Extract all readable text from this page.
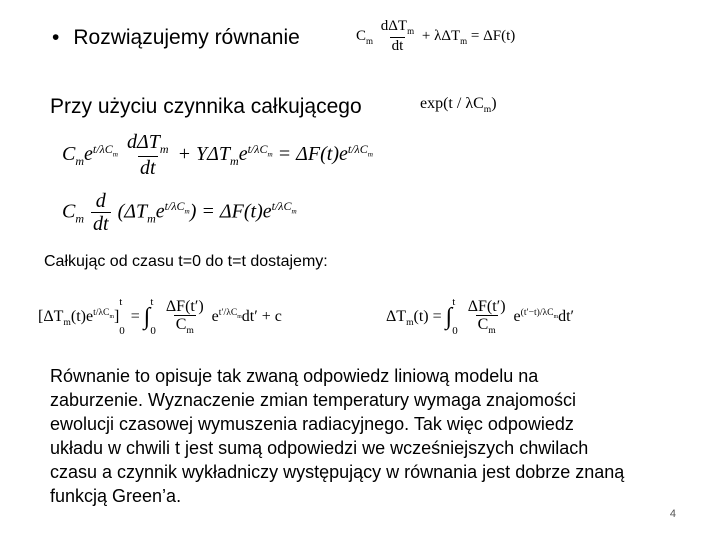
• Rozwiązujemy równanie	$C_m \frac{d\Delta T_m}{dt} + \lambda\Delta T_m = \Delta F(t)$
Przy użyciu czynnika całkującego	$\exp(t / \lambda C_m)$
$C_me^{t/\lambda C_m} \frac{d\Delta T_m}{dt} + Y\Delta T_me^{t/\lambda C_m} = \Delta F(t)e^{t/\lambda C_m}$
$C_m \frac{d}{dt} (\Delta T_me^{t/\lambda C_m}) = \Delta F(t)e^{t/\lambda C_m}$
Całkując od czasu t=0 do t=t dostajemy:
$[\Delta T_m(t)e^{t/\lambda C_m}]$
t
0
= ∫
t
0
$\frac{\Delta F(t')}{C_m} e^{t'/\lambda C_m}dt' + c$	$\Delta T_m(t)$ = ∫
t
0
$\frac{\Delta F(t')}{C_m} e^{(t'-t)/\lambda C_m}dt'$
Równanie to opisuje tak zwaną odpowiedz liniową modelu na
zaburzenie. Wyznaczenie zmian temperatury wymaga znajomości
ewolucji czasowej wymuszenia radiacyjnego. Tak więc odpowiedz
układu w chwili t jest sumą odpowiedzi we wcześniejszych chwilach
czasu a czynnik wykładniczy występujący w równania jest dobrze znaną
funkcją Green’a.
4
